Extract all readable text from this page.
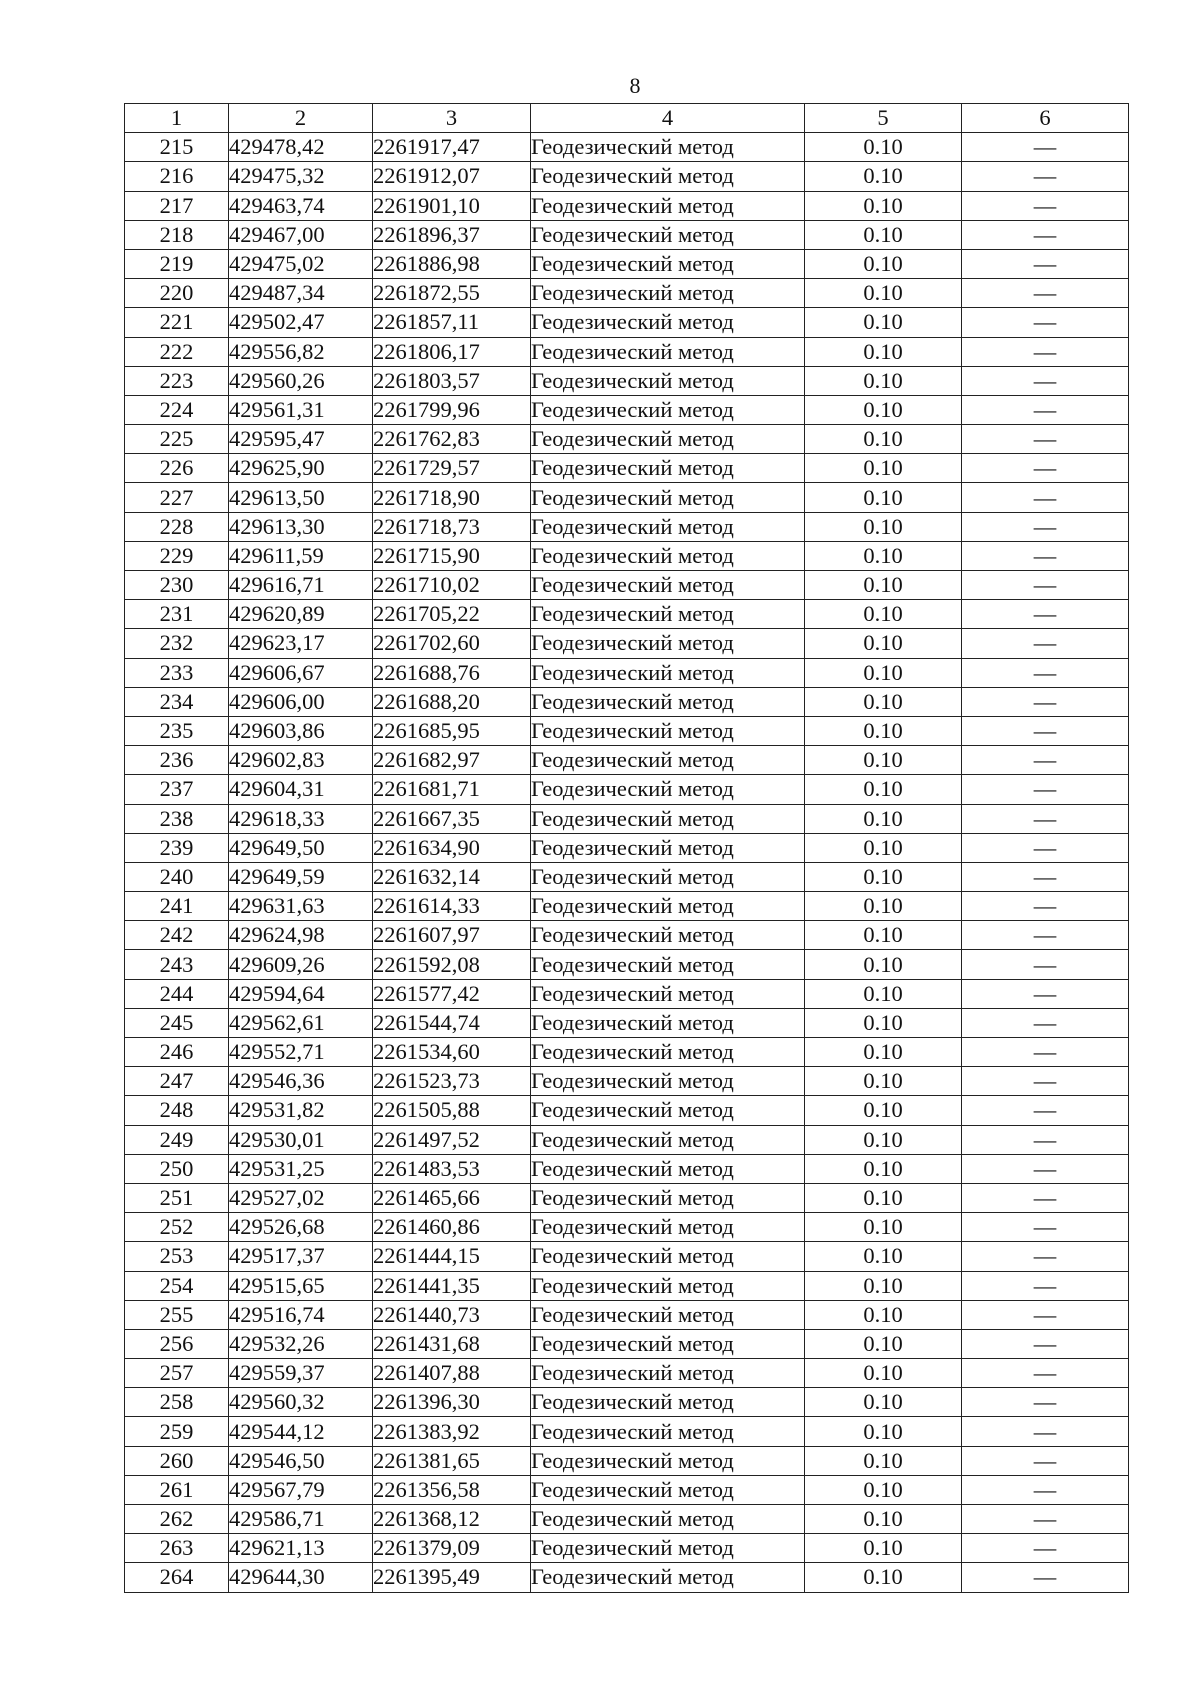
8
1	2	3	4	5	6
215	429478,42	2261917,47	Геодезический метод	0.10	—
216	429475,32	2261912,07	Геодезический метод	0.10	—
217	429463,74	2261901,10	Геодезический метод	0.10	—
218	429467,00	2261896,37	Геодезический метод	0.10	—
219	429475,02	2261886,98	Геодезический метод	0.10	—
220	429487,34	2261872,55	Геодезический метод	0.10	—
221	429502,47	2261857,11	Геодезический метод	0.10	—
222	429556,82	2261806,17	Геодезический метод	0.10	—
223	429560,26	2261803,57	Геодезический метод	0.10	—
224	429561,31	2261799,96	Геодезический метод	0.10	—
225	429595,47	2261762,83	Геодезический метод	0.10	—
226	429625,90	2261729,57	Геодезический метод	0.10	—
227	429613,50	2261718,90	Геодезический метод	0.10	—
228	429613,30	2261718,73	Геодезический метод	0.10	—
229	429611,59	2261715,90	Геодезический метод	0.10	—
230	429616,71	2261710,02	Геодезический метод	0.10	—
231	429620,89	2261705,22	Геодезический метод	0.10	—
232	429623,17	2261702,60	Геодезический метод	0.10	—
233	429606,67	2261688,76	Геодезический метод	0.10	—
234	429606,00	2261688,20	Геодезический метод	0.10	—
235	429603,86	2261685,95	Геодезический метод	0.10	—
236	429602,83	2261682,97	Геодезический метод	0.10	—
237	429604,31	2261681,71	Геодезический метод	0.10	—
238	429618,33	2261667,35	Геодезический метод	0.10	—
239	429649,50	2261634,90	Геодезический метод	0.10	—
240	429649,59	2261632,14	Геодезический метод	0.10	—
241	429631,63	2261614,33	Геодезический метод	0.10	—
242	429624,98	2261607,97	Геодезический метод	0.10	—
243	429609,26	2261592,08	Геодезический метод	0.10	—
244	429594,64	2261577,42	Геодезический метод	0.10	—
245	429562,61	2261544,74	Геодезический метод	0.10	—
246	429552,71	2261534,60	Геодезический метод	0.10	—
247	429546,36	2261523,73	Геодезический метод	0.10	—
248	429531,82	2261505,88	Геодезический метод	0.10	—
249	429530,01	2261497,52	Геодезический метод	0.10	—
250	429531,25	2261483,53	Геодезический метод	0.10	—
251	429527,02	2261465,66	Геодезический метод	0.10	—
252	429526,68	2261460,86	Геодезический метод	0.10	—
253	429517,37	2261444,15	Геодезический метод	0.10	—
254	429515,65	2261441,35	Геодезический метод	0.10	—
255	429516,74	2261440,73	Геодезический метод	0.10	—
256	429532,26	2261431,68	Геодезический метод	0.10	—
257	429559,37	2261407,88	Геодезический метод	0.10	—
258	429560,32	2261396,30	Геодезический метод	0.10	—
259	429544,12	2261383,92	Геодезический метод	0.10	—
260	429546,50	2261381,65	Геодезический метод	0.10	—
261	429567,79	2261356,58	Геодезический метод	0.10	—
262	429586,71	2261368,12	Геодезический метод	0.10	—
263	429621,13	2261379,09	Геодезический метод	0.10	—
264	429644,30	2261395,49	Геодезический метод	0.10	—
